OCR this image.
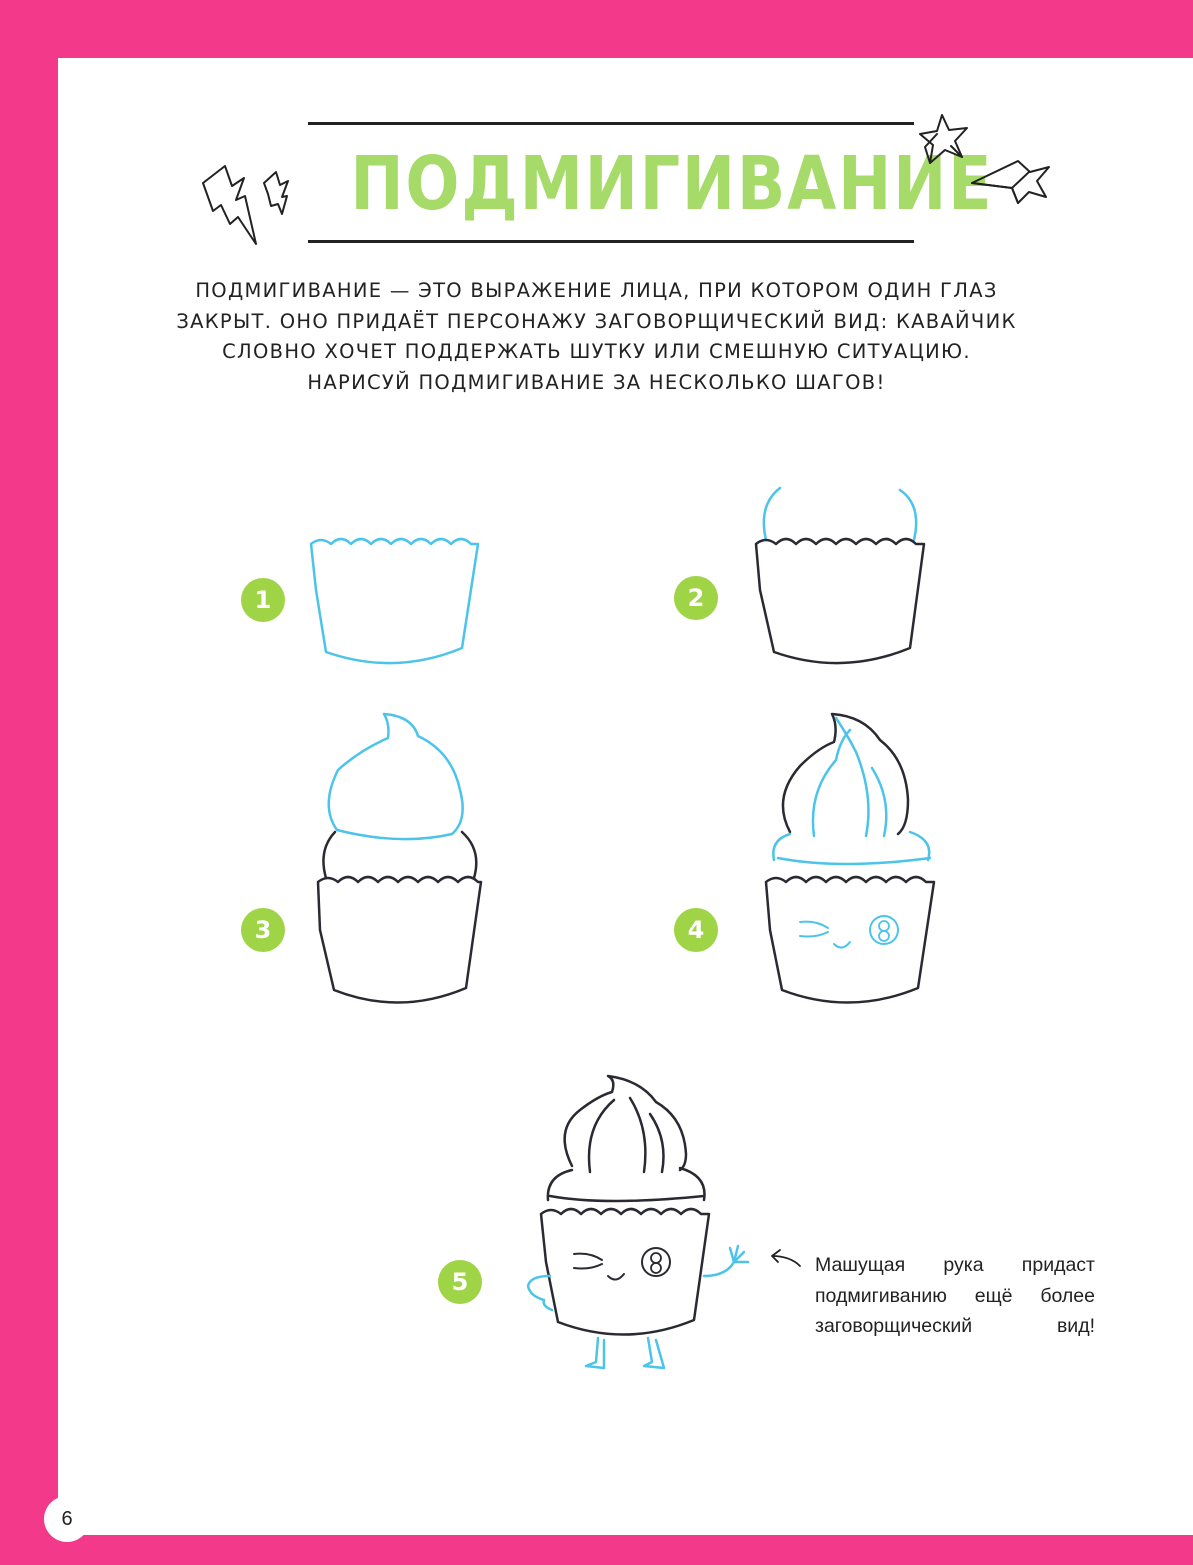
ПОДМИГИВАНИЕ
ПОДМИГИВАНИЕ — ЭТО ВЫРАЖЕНИЕ ЛИЦА, ПРИ КОТОРОМ ОДИН ГЛАЗ
ЗАКРЫТ. ОНО ПРИДАЁТ ПЕРСОНАЖУ ЗАГОВОРЩИЧЕСКИЙ ВИД: КАВАЙЧИК
СЛОВНО ХОЧЕТ ПОДДЕРЖАТЬ ШУТКУ ИЛИ СМЕШНУЮ СИТУАЦИЮ.
НАРИСУЙ ПОДМИГИВАНИЕ ЗА НЕСКОЛЬКО ШАГОВ!
1	2
3	4
5
Машущая рука придаст
подмигиванию ещё более
заговорщический вид!
6
